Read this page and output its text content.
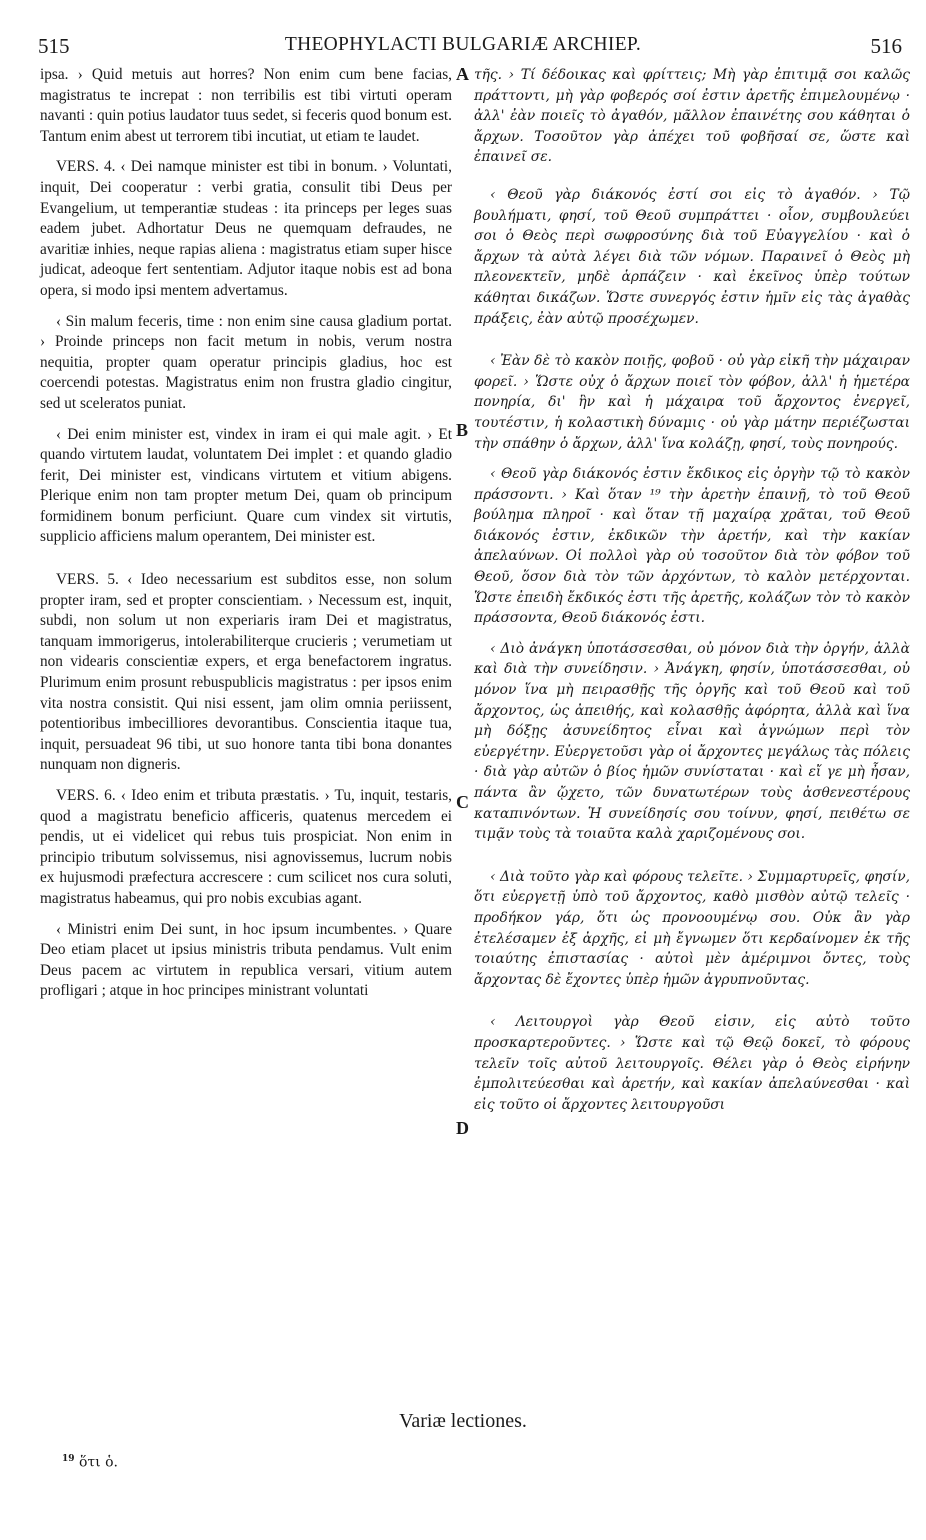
515	THEOPHYLACTI BULGARIÆ ARCHIEP.	516

ipsa. › Quid metuis aut horres? Non enim cum bene facias, magistratus te increpat : non terribilis est tibi virtuti operam navanti : quin potius laudator tuus sedet, si feceris quod bonum est. Tantum enim abest ut terrorem tibi incutiat, ut etiam te laudet.

VERS. 4. ‹ Dei namque minister est tibi in bonum. › Voluntati, inquit, Dei cooperatur : verbi gratia, consulit tibi Deus per Evangelium, ut temperantiæ studeas : ita princeps per leges suas eadem jubet. Adhortatur Deus ne quemquam defraudes, ne avaritiæ inhies, neque rapias aliena : magistratus etiam super hisce judicat, adeoque fert sententiam. Adjutor itaque nobis est ad bona opera, si modo ipsi mentem advertamus.

‹ Sin malum feceris, time : non enim sine causa gladium portat. › Proinde princeps non facit metum in nobis, verum nostra nequitia, propter quam operatur principis gladius, hoc est coercendi potestas. Magistratus enim non frustra gladio cingitur, sed ut sceleratos puniat.

‹ Dei enim minister est, vindex in iram ei qui male agit. › Et quando virtutem laudat, voluntatem Dei implet : et quando gladio ferit, Dei minister est, vindicans virtutem et vitium abigens. Plerique enim non tam propter metum Dei, quam ob principum formidinem bonum perficiunt. Quare cum vindex sit virtutis, supplicio afficiens malum operantem, Dei minister est.

VERS. 5. ‹ Ideo necessarium est subditos esse, non solum propter iram, sed et propter conscientiam. › Necessum est, inquit, subdi, non solum ut non experiaris iram Dei et magistratus, tanquam immorigerus, intolerabiliterque crucieris ; verumetiam ut non videaris conscientiæ expers, et erga benefactorem ingratus. Plurimum enim prosunt rebuspublicis magistratus : per ipsos enim vita nostra consistit. Qui nisi essent, jam olim omnia periissent, potentioribus imbecilliores devorantibus. Conscientia itaque tua, inquit, persuadeat 96 tibi, ut suo honore tanta tibi bona donantes nunquam non digneris.

VERS. 6. ‹ Ideo enim et tributa præstatis. › Tu, inquit, testaris, quod a magistratu beneficio afficeris, quatenus mercedem ei pendis, ut ei videlicet qui rebus tuis prospiciat. Non enim in principio tributum solvissemus, nisi agnovissemus, lucrum nobis ex hujusmodi præfectura accrescere : cum scilicet nos cura soluti, magistratus habeamus, qui pro nobis excubias agant.

‹ Ministri enim Dei sunt, in hoc ipsum incumbentes. › Quare Deo etiam placet ut ipsius ministris tributa pendamus. Vult enim Deus pacem ac virtutem in republica versari, vitium autem profligari ; atque in hoc principes ministrant voluntati

A
B
C
D

τῆς. › Τί δέδοικας καὶ φρίττεις; Μὴ γὰρ ἐπιτιμᾷ σοι καλῶς πράττοντι, μὴ γὰρ φοβερός σοί ἐστιν ἀρετῆς ἐπιμελουμένῳ · ἀλλ' ἐὰν ποιεῖς τὸ ἀγαθόν, μᾶλλον ἐπαινέτης σου κάθηται ὁ ἄρχων. Τοσοῦτον γὰρ ἀπέχει τοῦ φοβῆσαί σε, ὥστε καὶ ἐπαινεῖ σε.

‹ Θεοῦ γὰρ διάκονός ἐστί σοι εἰς τὸ ἀγαθόν. › Τῷ βουλήματι, φησί, τοῦ Θεοῦ συμπράττει · οἷον, συμβουλεύει σοι ὁ Θεὸς περὶ σωφροσύνης διὰ τοῦ Εὐαγγελίου · καὶ ὁ ἄρχων τὰ αὐτὰ λέγει διὰ τῶν νόμων. Παραινεῖ ὁ Θεὸς μὴ πλεονεκτεῖν, μηδὲ ἁρπάζειν · καὶ ἐκεῖνος ὑπὲρ τούτων κάθηται δικάζων. Ὥστε συνεργός ἐστιν ἡμῖν εἰς τὰς ἀγαθὰς πράξεις, ἐὰν αὐτῷ προσέχωμεν.

‹ Ἐὰν δὲ τὸ κακὸν ποιῇς, φοβοῦ · οὐ γὰρ εἰκῆ τὴν μάχαιραν φορεῖ. › Ὥστε οὐχ ὁ ἄρχων ποιεῖ τὸν φόβον, ἀλλ' ἡ ἡμετέρα πονηρία, δι' ἣν καὶ ἡ μάχαιρα τοῦ ἄρχοντος ἐνεργεῖ, τουτέστιν, ἡ κολαστικὴ δύναμις · οὐ γὰρ μάτην περιέζωσται τὴν σπάθην ὁ ἄρχων, ἀλλ' ἵνα κολάζῃ, φησί, τοὺς πονηρούς.

‹ Θεοῦ γὰρ διάκονός ἐστιν ἔκδικος εἰς ὀργὴν τῷ τὸ κακὸν πράσσοντι. › Καὶ ὅταν ¹⁹ τὴν ἀρετὴν ἐπαινῇ, τὸ τοῦ Θεοῦ βούλημα πληροῖ · καὶ ὅταν τῇ μαχαίρᾳ χρᾶται, τοῦ Θεοῦ διάκονός ἐστιν, ἐκδικῶν τὴν ἀρετήν, καὶ τὴν κακίαν ἀπελαύνων. Οἱ πολλοὶ γὰρ οὐ τοσοῦτον διὰ τὸν φόβον τοῦ Θεοῦ, ὅσον διὰ τὸν τῶν ἀρχόντων, τὸ καλὸν μετέρχονται. Ὥστε ἐπειδὴ ἔκδικός ἐστι τῆς ἀρετῆς, κολάζων τὸν τὸ κακὸν πράσσοντα, Θεοῦ διάκονός ἐστι.

‹ Διὸ ἀνάγκη ὑποτάσσεσθαι, οὐ μόνον διὰ τὴν ὀργήν, ἀλλὰ καὶ διὰ τὴν συνείδησιν. › Ἀνάγκη, φησίν, ὑποτάσσεσθαι, οὐ μόνον ἵνα μὴ πειρασθῇς τῆς ὀργῆς καὶ τοῦ Θεοῦ καὶ τοῦ ἄρχοντος, ὡς ἀπειθής, καὶ κολασθῇς ἀφόρητα, ἀλλὰ καὶ ἵνα μὴ δόξῃς ἀσυνείδητος εἶναι καὶ ἀγνώμων περὶ τὸν εὐεργέτην. Εὐεργετοῦσι γὰρ οἱ ἄρχοντες μεγάλως τὰς πόλεις · διὰ γὰρ αὐτῶν ὁ βίος ἡμῶν συνίσταται · καὶ εἴ γε μὴ ἦσαν, πάντα ἂν ᾤχετο, τῶν δυνατωτέρων τοὺς ἀσθενεστέρους καταπινόντων. Ἡ συνείδησίς σου τοίνυν, φησί, πειθέτω σε τιμᾷν τοὺς τὰ τοιαῦτα καλὰ χαριζομένους σοι.

‹ Διὰ τοῦτο γὰρ καὶ φόρους τελεῖτε. › Συμμαρτυρεῖς, φησίν, ὅτι εὐεργετῇ ὑπὸ τοῦ ἄρχοντος, καθὸ μισθὸν αὐτῷ τελεῖς · προδήκον γάρ, ὅτι ὡς προνοουμένῳ σου. Οὐκ ἂν γὰρ ἐτελέσαμεν ἐξ ἀρχῆς, εἰ μὴ ἔγνωμεν ὅτι κερδαίνομεν ἐκ τῆς τοιαύτης ἐπιστασίας · αὐτοὶ μὲν ἀμέριμνοι ὄντες, τοὺς ἄρχοντας δὲ ἔχοντες ὑπὲρ ἡμῶν ἀγρυπνοῦντας.

‹ Λειτουργοὶ γὰρ Θεοῦ εἰσιν, εἰς αὐτὸ τοῦτο προσκαρτεροῦντες. › Ὥστε καὶ τῷ Θεῷ δοκεῖ, τὸ φόρους τελεῖν τοῖς αὐτοῦ λειτουργοῖς. Θέλει γὰρ ὁ Θεὸς εἰρήνην ἐμπολιτεύεσθαι καὶ ἀρετήν, καὶ κακίαν ἀπελαύνεσθαι · καὶ εἰς τοῦτο οἱ ἄρχοντες λειτουργοῦσι

Variæ lectiones.
$^{19}$ ὅτι ὁ.
